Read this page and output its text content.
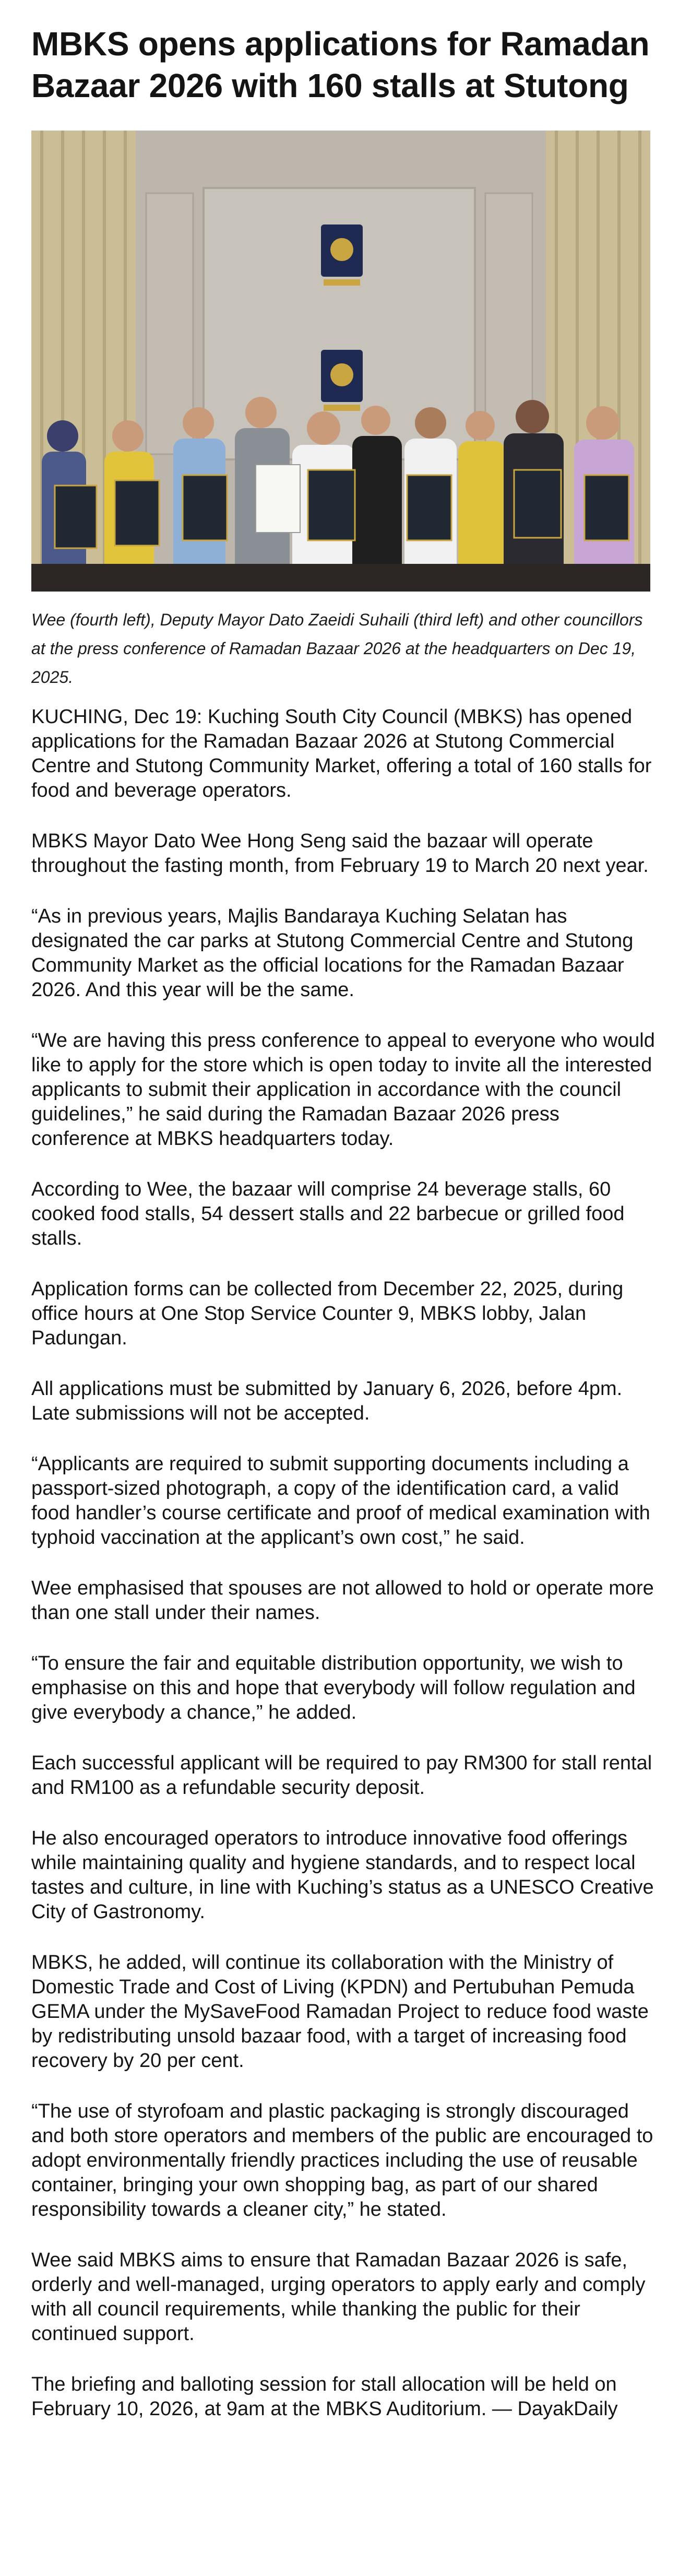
MBKS opens applications for Ramadan Bazaar 2026 with 160 stalls at Stutong

Wee (fourth left), Deputy Mayor Dato Zaeidi Suhaili (third left) and other councillors at the press conference of Ramadan Bazaar 2026 at the headquarters on Dec 19, 2025.

KUCHING, Dec 19: Kuching South City Council (MBKS) has opened applications for the Ramadan Bazaar 2026 at Stutong Commercial Centre and Stutong Community Market, offering a total of 160 stalls for food and beverage operators.

MBKS Mayor Dato Wee Hong Seng said the bazaar will operate throughout the fasting month, from February 19 to March 20 next year.

“As in previous years, Majlis Bandaraya Kuching Selatan has designated the car parks at Stutong Commercial Centre and Stutong Community Market as the official locations for the Ramadan Bazaar 2026. And this year will be the same.

“We are having this press conference to appeal to everyone who would like to apply for the store which is open today to invite all the interested applicants to submit their application in accordance with the council guidelines,” he said during the Ramadan Bazaar 2026 press conference at MBKS headquarters today.

According to Wee, the bazaar will comprise 24 beverage stalls, 60 cooked food stalls, 54 dessert stalls and 22 barbecue or grilled food stalls.

Application forms can be collected from December 22, 2025, during office hours at One Stop Service Counter 9, MBKS lobby, Jalan Padungan.

All applications must be submitted by January 6, 2026, before 4pm. Late submissions will not be accepted.

“Applicants are required to submit supporting documents including a passport-sized photograph, a copy of the identification card, a valid food handler’s course certificate and proof of medical examination with typhoid vaccination at the applicant’s own cost,” he said.

Wee emphasised that spouses are not allowed to hold or operate more than one stall under their names.

“To ensure the fair and equitable distribution opportunity, we wish to emphasise on this and hope that everybody will follow regulation and give everybody a chance,” he added.

Each successful applicant will be required to pay RM300 for stall rental and RM100 as a refundable security deposit.

He also encouraged operators to introduce innovative food offerings while maintaining quality and hygiene standards, and to respect local tastes and culture, in line with Kuching’s status as a UNESCO Creative City of Gastronomy.

MBKS, he added, will continue its collaboration with the Ministry of Domestic Trade and Cost of Living (KPDN) and Pertubuhan Pemuda GEMA under the MySaveFood Ramadan Project to reduce food waste by redistributing unsold bazaar food, with a target of increasing food recovery by 20 per cent.

“The use of styrofoam and plastic packaging is strongly discouraged and both store operators and members of the public are encouraged to adopt environmentally friendly practices including the use of reusable container, bringing your own shopping bag, as part of our shared responsibility towards a cleaner city,” he stated.

Wee said MBKS aims to ensure that Ramadan Bazaar 2026 is safe, orderly and well-managed, urging operators to apply early and comply with all council requirements, while thanking the public for their continued support.

The briefing and balloting session for stall allocation will be held on February 10, 2026, at 9am at the MBKS Auditorium. — DayakDaily
